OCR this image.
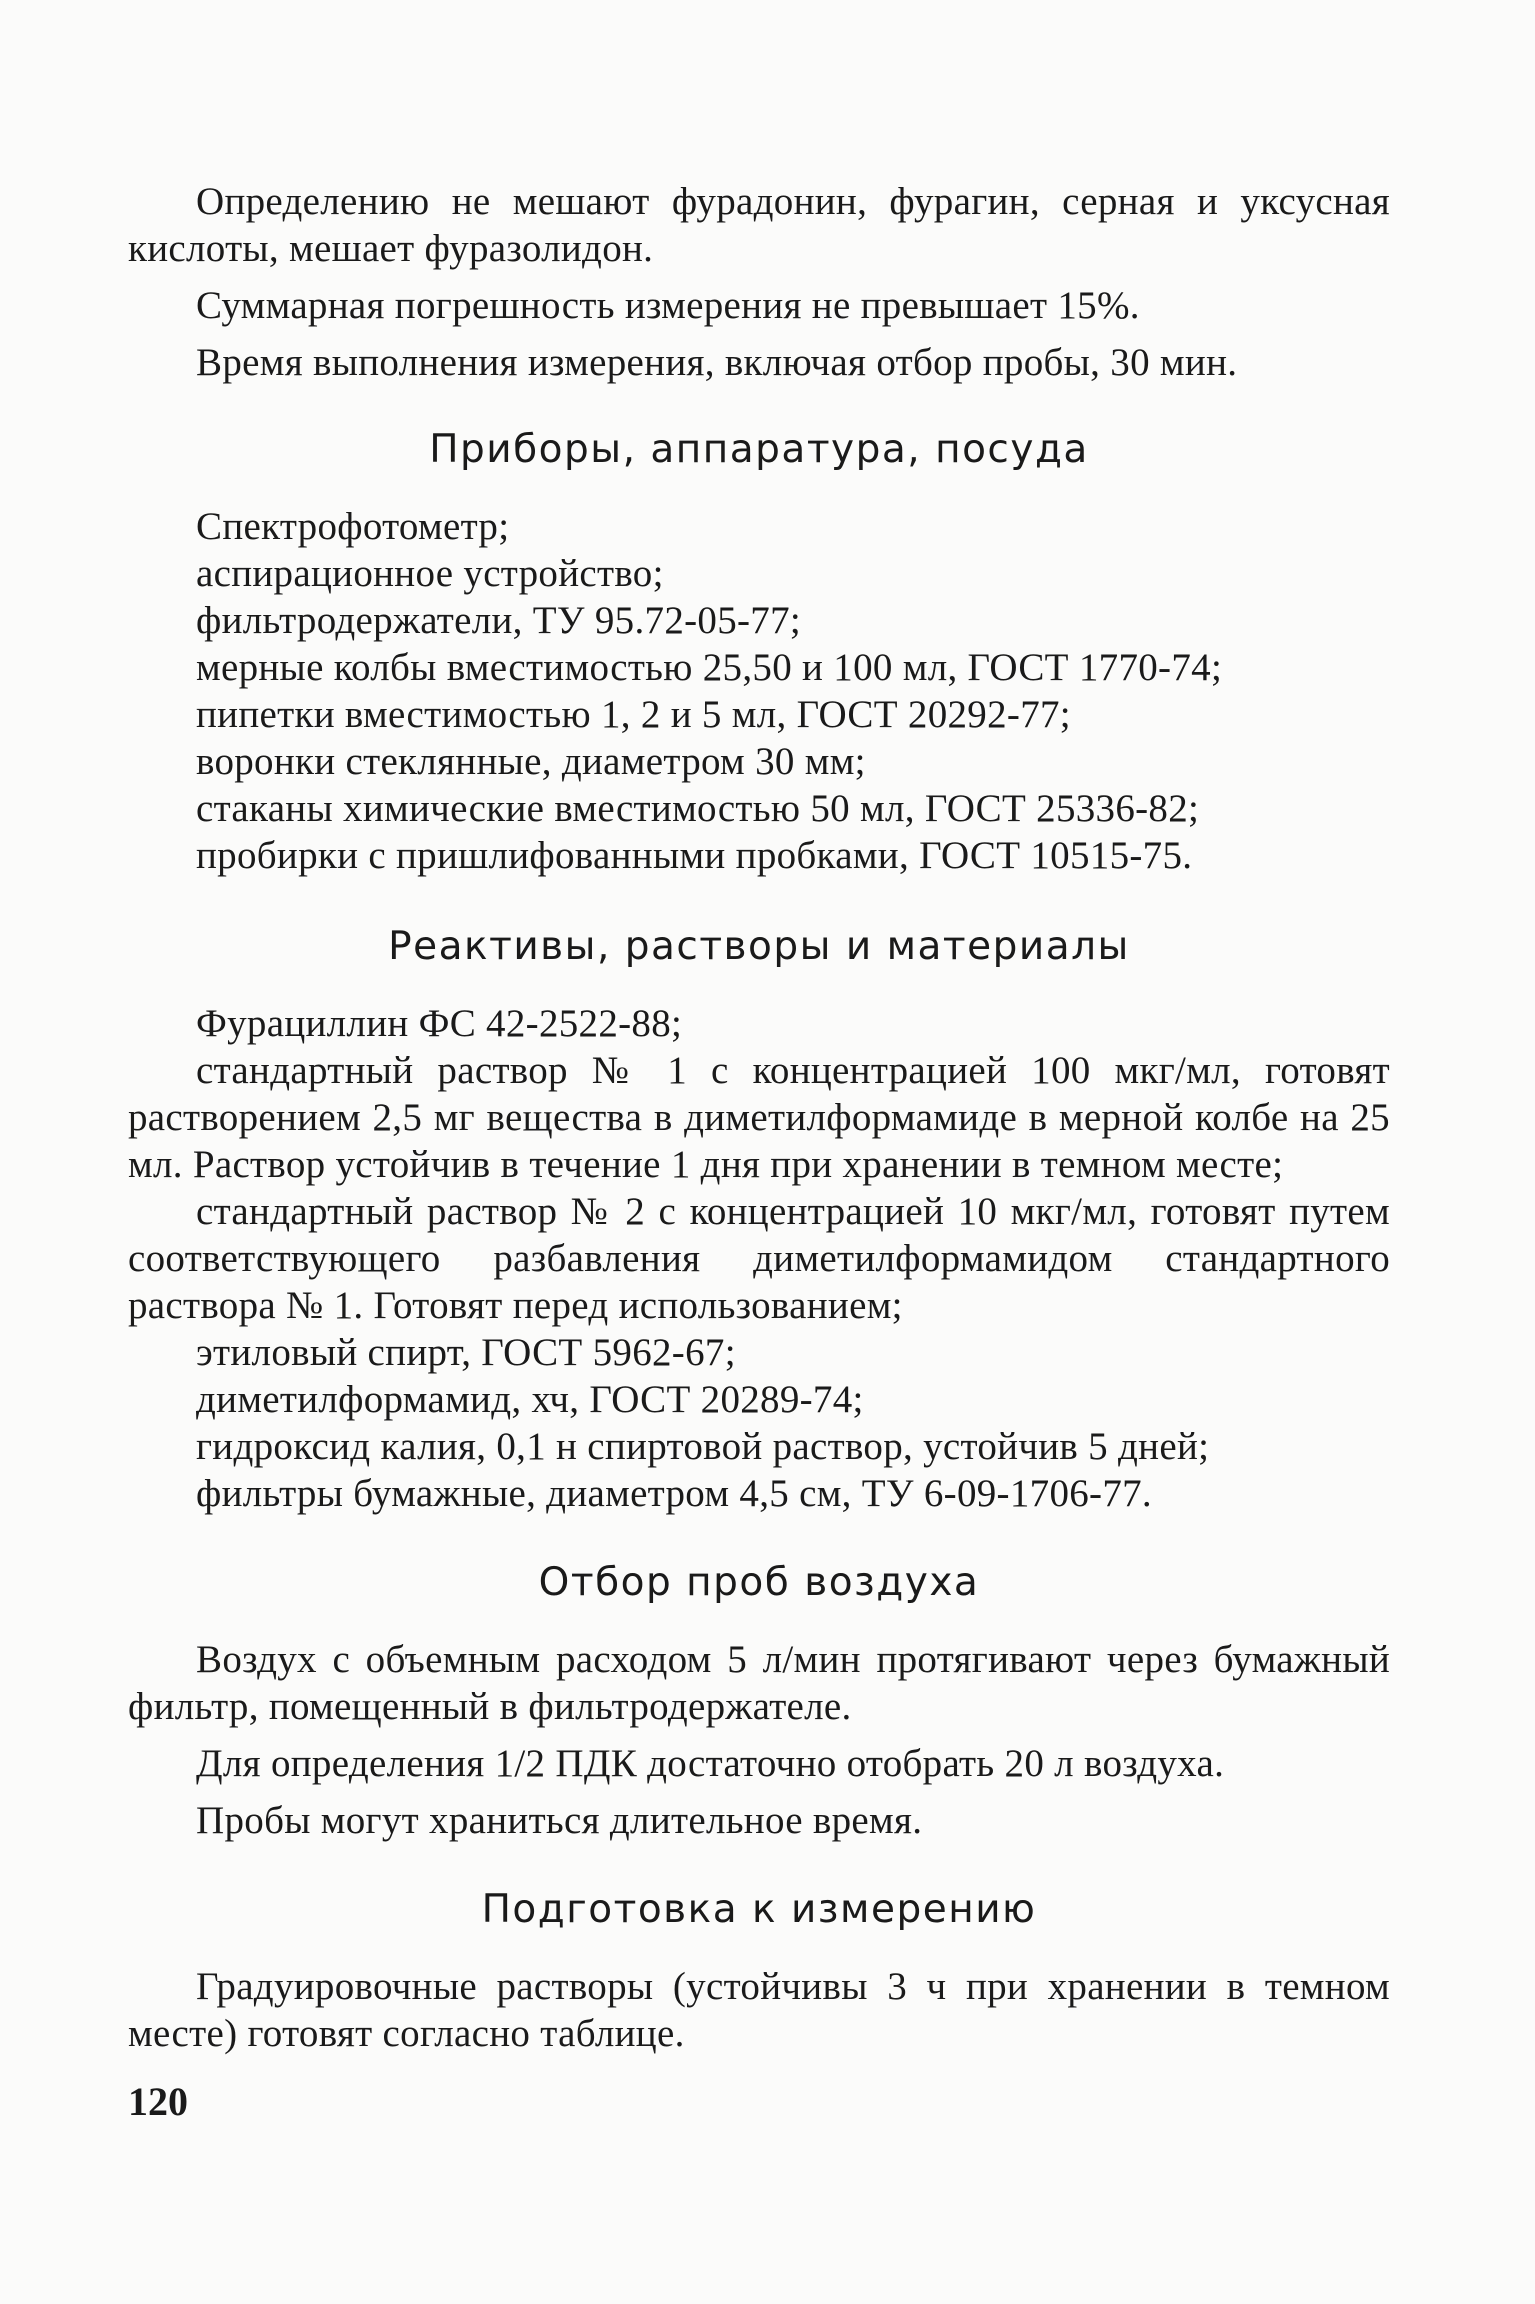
Определению не мешают фурадонин, фурагин, серная и уксусная кислоты, мешает фуразолидон.

Суммарная погрешность измерения не превышает 15%.

Время выполнения измерения, включая отбор пробы, 30 мин.

Приборы, аппаратура, посуда

Спектрофотометр;

аспирационное устройство;

фильтродержатели, ТУ 95.72-05-77;

мерные колбы вместимостью 25,50 и 100 мл, ГОСТ 1770-74;

пипетки вместимостью 1, 2 и 5 мл, ГОСТ 20292-77;

воронки стеклянные, диаметром 30 мм;

стаканы химические вместимостью 50 мл, ГОСТ 25336-82;

пробирки с пришлифованными пробками, ГОСТ 10515-75.

Реактивы, растворы и материалы

Фурациллин ФС 42-2522-88;

стандартный раствор № 1 с концентрацией 100 мкг/мл, готовят растворением 2,5 мг вещества в диметилформамиде в мерной колбе на 25 мл. Раствор устойчив в течение 1 дня при хранении в темном месте;

стандартный раствор № 2 с концентрацией 10 мкг/мл, готовят путем соответствующего разбавления диметилформамидом стандартного раствора № 1. Готовят перед использованием;

этиловый спирт, ГОСТ 5962-67;

диметилформамид, хч, ГОСТ 20289-74;

гидроксид калия, 0,1 н спиртовой раствор, устойчив 5 дней;

фильтры бумажные, диаметром 4,5 см, ТУ 6-09-1706-77.

Отбор проб воздуха

Воздух с объемным расходом 5 л/мин протягивают через бумажный фильтр, помещенный в фильтродержателе.

Для определения 1/2 ПДК достаточно отобрать 20 л воздуха.

Пробы могут храниться длительное время.

Подготовка к измерению

Градуировочные растворы (устойчивы 3 ч при хранении в темном месте) готовят согласно таблице.

120
